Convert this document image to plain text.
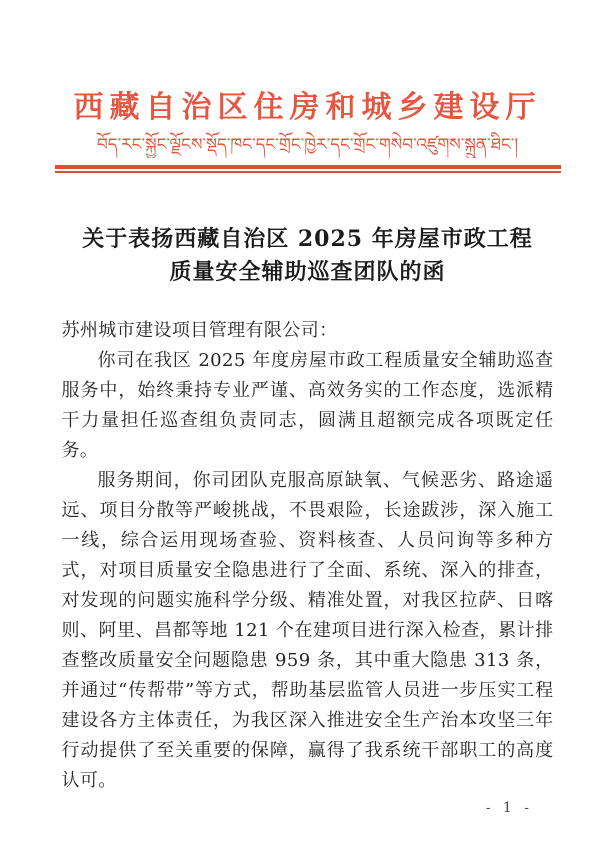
西藏自治区住房和城乡建设厅
བོད་རང་སྐྱོང་ལྗོངས་སྡོད་ཁང་དང་གྲོང་ཁྱེར་དང་གྲོང་གསེབ་འཛུགས་སྐྲུན་ཐིང་།
关于表扬西藏自治区 2025 年房屋市政工程
质量安全辅助巡查团队的函

苏州城市建设项目管理有限公司：

你司在我区 2025 年度房屋市政工程质量安全辅助巡查服务中，始终秉持专业严谨、高效务实的工作态度，选派精干力量担任巡查组负责同志，圆满且超额完成各项既定任务。

服务期间，你司团队克服高原缺氧、气候恶劣、路途遥远、项目分散等严峻挑战，不畏艰险，长途跋涉，深入施工一线，综合运用现场查验、资料核查、人员问询等多种方式，对项目质量安全隐患进行了全面、系统、深入的排查，对发现的问题实施科学分级、精准处置，对我区拉萨、日喀则、阿里、昌都等地 121 个在建项目进行深入检查，累计排查整改质量安全问题隐患 959 条，其中重大隐患 313 条，并通过“传帮带”等方式，帮助基层监管人员进一步压实工程建设各方主体责任，为我区深入推进安全生产治本攻坚三年行动提供了至关重要的保障，赢得了我系统干部职工的高度认可。

- 1 -
